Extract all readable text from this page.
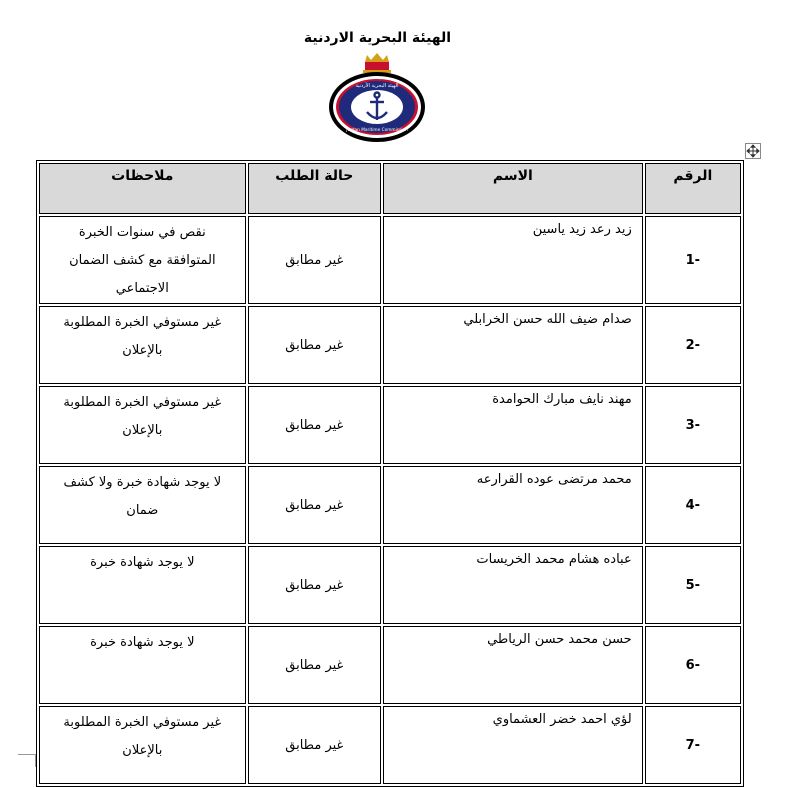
الهيئة البحرية الاردنية
الهيئة البحرية الأردنية
Jordan Maritime Commission
الرقم	الاسم	حالة الطلب	ملاحظات
1-	زيد رعد زيد ياسين	غير مطابق	نقص في سنوات الخبرة المتوافقة مع كشف الضمان الاجتماعي
2-	صدام ضيف الله حسن الخرابلي	غير مطابق	غير مستوفي الخبرة المطلوبة بالإعلان
3-	مهند نايف مبارك الحوامدة	غير مطابق	غير مستوفي الخبرة المطلوبة بالإعلان
4-	محمد مرتضى عوده القرارعه	غير مطابق	لا يوجد شهادة خبرة ولا كشف ضمان
5-	عباده هشام محمد الخريسات	غير مطابق	لا يوجد شهادة خبرة
6-	حسن محمد حسن الرياطي	غير مطابق	لا يوجد شهادة خبرة
7-	لؤي احمد خضر العشماوي	غير مطابق	غير مستوفي الخبرة المطلوبة بالإعلان
